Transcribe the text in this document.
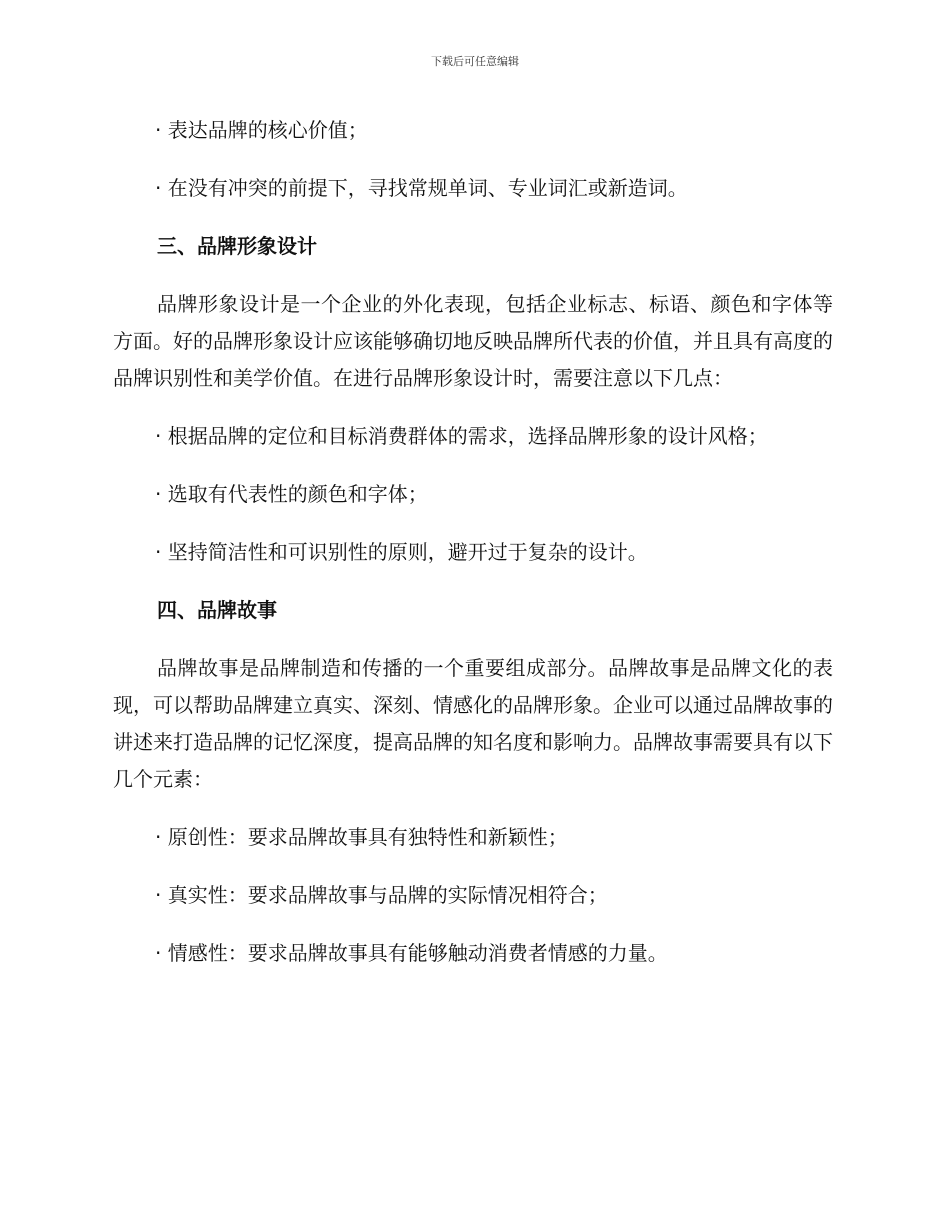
下载后可任意编辑

· 表达品牌的核心价值；

· 在没有冲突的前提下，寻找常规单词、专业词汇或新造词。

三、品牌形象设计

品牌形象设计是一个企业的外化表现，包括企业标志、标语、颜色和字体等方面。好的品牌形象设计应该能够确切地反映品牌所代表的价值，并且具有高度的品牌识别性和美学价值。在进行品牌形象设计时，需要注意以下几点：

· 根据品牌的定位和目标消费群体的需求，选择品牌形象的设计风格；

· 选取有代表性的颜色和字体；

· 坚持简洁性和可识别性的原则，避开过于复杂的设计。

四、品牌故事

品牌故事是品牌制造和传播的一个重要组成部分。品牌故事是品牌文化的表现，可以帮助品牌建立真实、深刻、情感化的品牌形象。企业可以通过品牌故事的讲述来打造品牌的记忆深度，提高品牌的知名度和影响力。品牌故事需要具有以下几个元素：

· 原创性：要求品牌故事具有独特性和新颖性；

· 真实性：要求品牌故事与品牌的实际情况相符合；

· 情感性：要求品牌故事具有能够触动消费者情感的力量。
